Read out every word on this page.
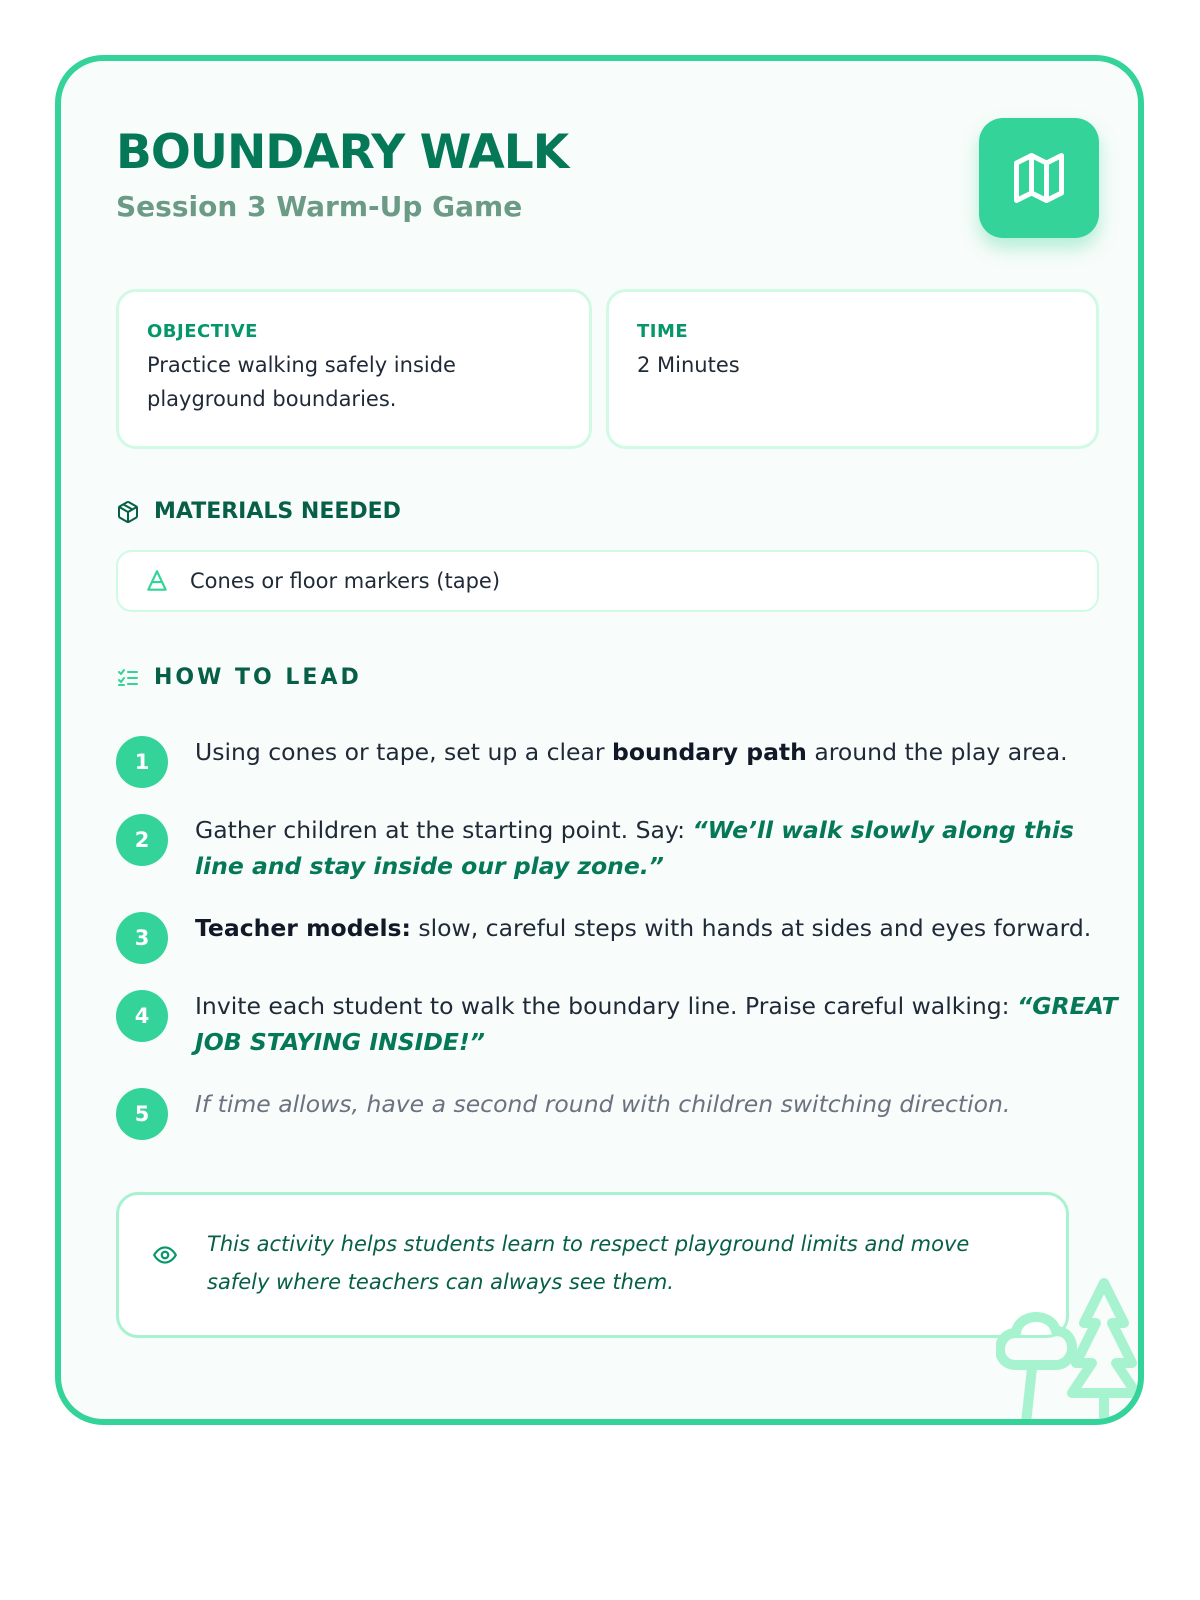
BOUNDARY WALK
Session 3 Warm-Up Game
OBJECTIVE
Practice walking safely inside playground boundaries.
TIME
2 Minutes
MATERIALS NEEDED
Cones or floor markers (tape)
HOW TO LEAD
1	Using cones or tape, set up a clear boundary path around the play area.
2	Gather children at the starting point. Say: “We’ll walk slowly along this line and stay inside our play zone.”
3	Teacher models: slow, careful steps with hands at sides and eyes forward.
4	Invite each student to walk the boundary line. Praise careful walking: “GREAT JOB STAYING INSIDE!”
5	If time allows, have a second round with children switching direction.
This activity helps students learn to respect playground limits and move safely where teachers can always see them.
